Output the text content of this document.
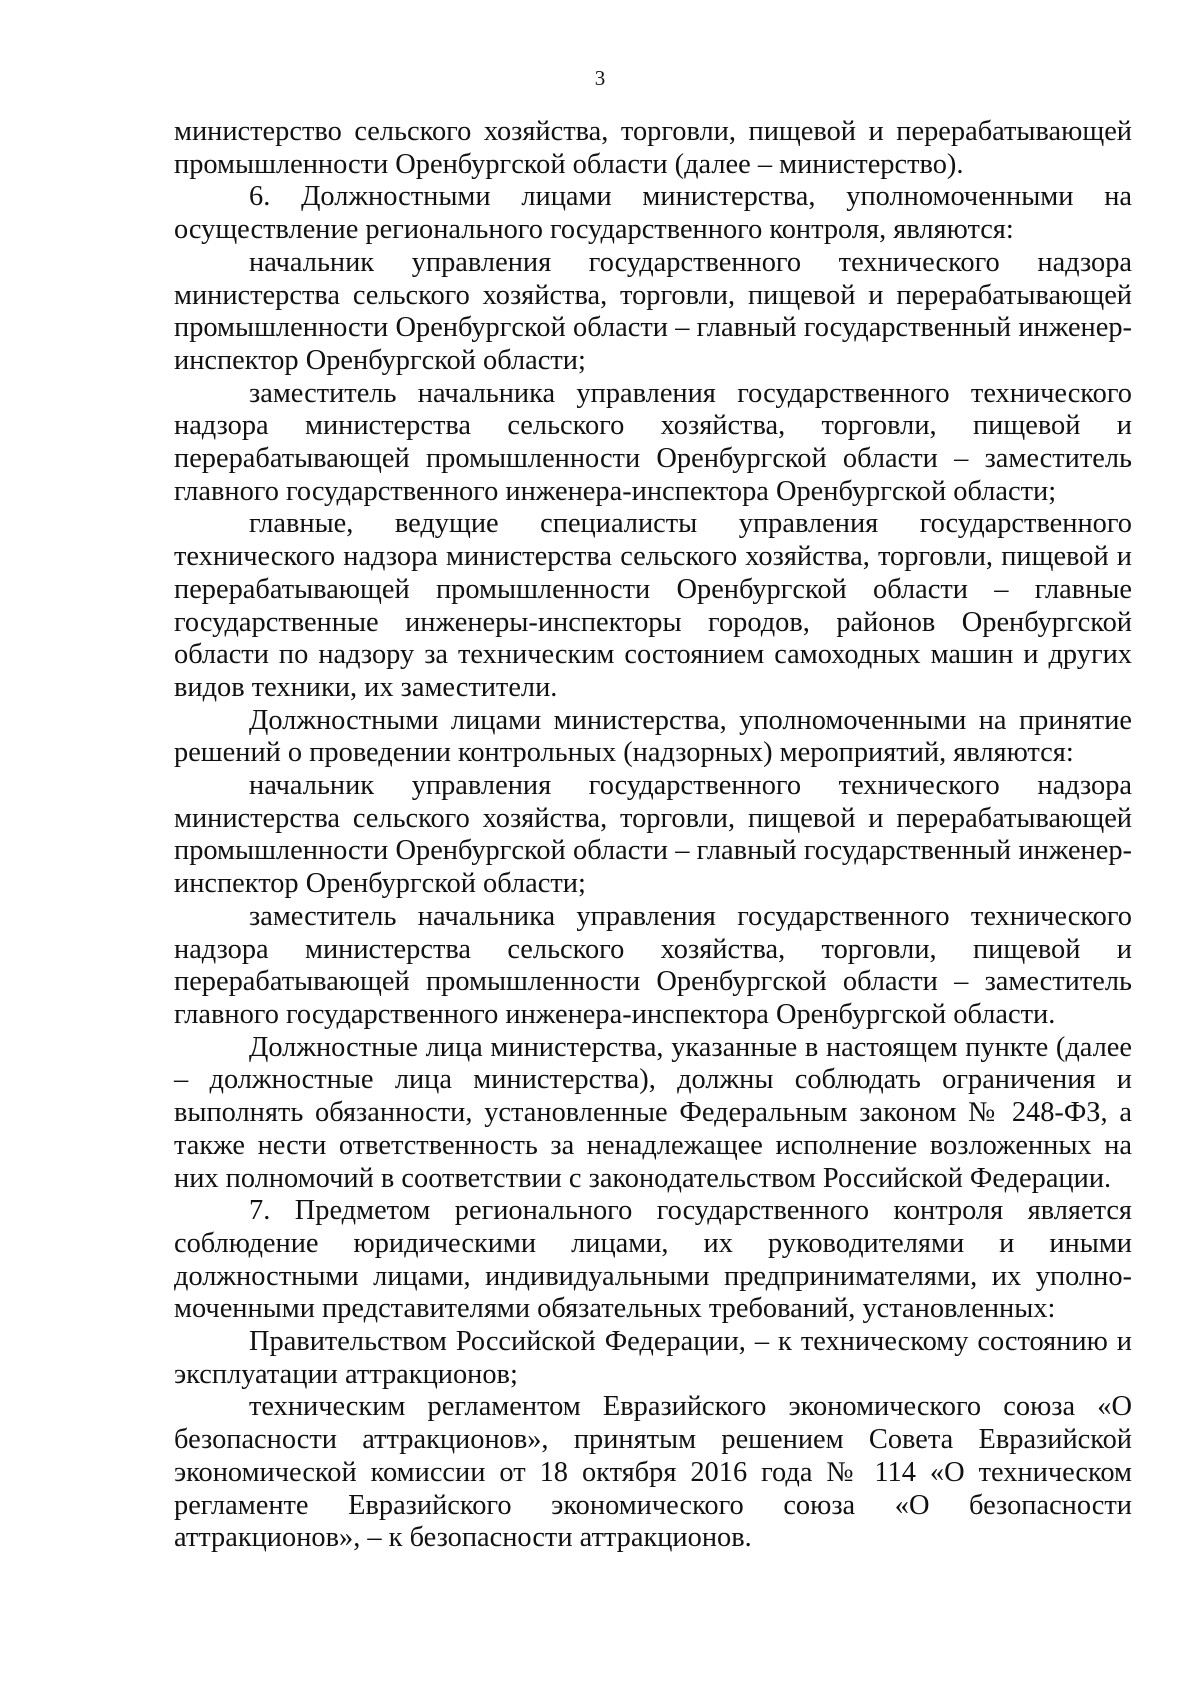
3

министерство сельского хозяйства, торговли, пищевой и перерабатывающей промышленности Оренбургской области (далее – министерство).

6. Должностными лицами министерства, уполномоченными на осуществление регионального государственного контроля, являются:

начальник управления государственного технического надзора министерства сельского хозяйства, торговли, пищевой и перерабатывающей промышленности Оренбургской области – главный государственный инженер-инспектор Оренбургской области;

заместитель начальника управления государственного технического надзора министерства сельского хозяйства, торговли, пищевой и перерабатывающей промышленности Оренбургской области – заместитель главного государственного инженера-инспектора Оренбургской области;

главные, ведущие специалисты управления государственного технического надзора министерства сельского хозяйства, торговли, пищевой и перерабатывающей промышленности Оренбургской области – главные государственные инженеры-инспекторы городов, районов Оренбургской области по надзору за техническим состоянием самоходных машин и других видов техники, их заместители.

Должностными лицами министерства, уполномоченными на принятие решений о проведении контрольных (надзорных) мероприятий, являются:

начальник управления государственного технического надзора министерства сельского хозяйства, торговли, пищевой и перерабатывающей промышленности Оренбургской области – главный государственный инженер-инспектор Оренбургской области;

заместитель начальника управления государственного технического надзора министерства сельского хозяйства, торговли, пищевой и перерабатывающей промышленности Оренбургской области – заместитель главного государственного инженера-инспектора Оренбургской области.

Должностные лица министерства, указанные в настоящем пункте (далее – должностные лица министерства), должны соблюдать ограничения и выполнять обязанности, установленные Федеральным законом № 248-ФЗ, а также нести ответственность за ненадлежащее исполнение возложенных на них полномочий в соответствии с законодательством Российской Федерации.

7. Предметом регионального государственного контроля является соблюдение юридическими лицами, их руководителями и иными должностными лицами, индивидуальными предпринимателями, их уполномоченными представителями обязательных требований, установленных:

Правительством Российской Федерации, – к техническому состоянию и эксплуатации аттракционов;

техническим регламентом Евразийского экономического союза «О безопасности аттракционов», принятым решением Совета Евразийской экономической комиссии от 18 октября 2016 года № 114 «О техническом регламенте Евразийского экономического союза «О безопасности аттракционов», – к безопасности аттракционов.
